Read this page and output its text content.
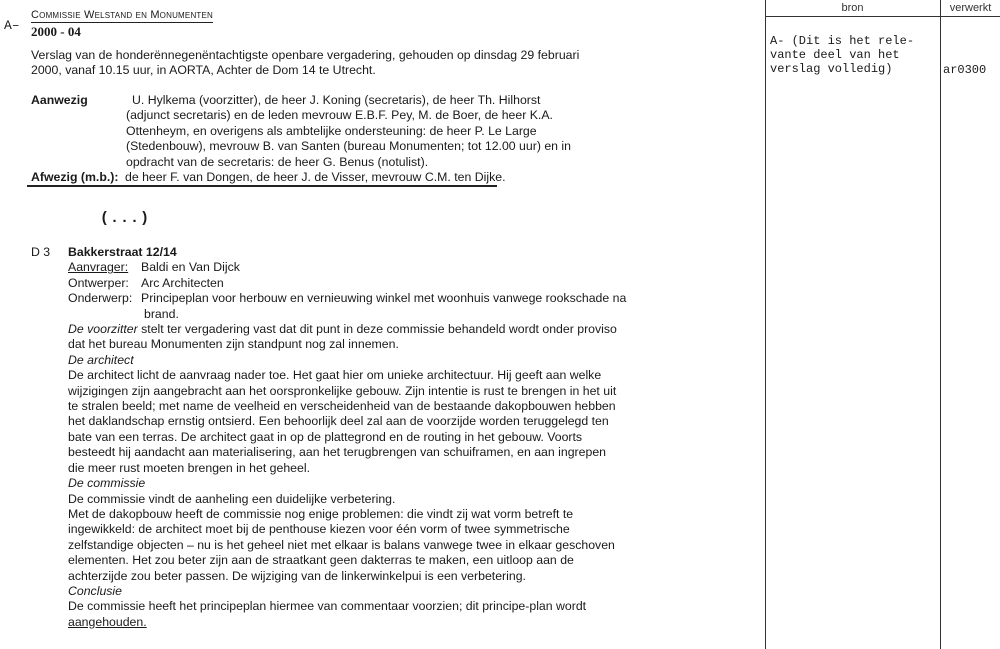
A–
Commissie Welstand en Monumenten
2000 - 04
Verslag van de honderënnegenëntachtigste openbare vergadering, gehouden op dinsdag 29 februari
2000, vanaf 10.15 uur, in AORTA, Achter de Dom 14 te Utrecht.
Aanwezig	U. Hylkema (voorzitter), de heer J. Koning (secretaris), de heer Th. Hilhorst
(adjunct secretaris) en de leden mevrouw E.B.F. Pey, M. de Boer, de heer K.A.
Ottenheym, en overigens als ambtelijke ondersteuning: de heer P. Le Large
(Stedenbouw), mevrouw B. van Santen (bureau Monumenten; tot 12.00 uur) en in
opdracht van de secretaris: de heer G. Benus (notulist).
Afwezig (m.b.): de heer F. van Dongen, de heer J. de Visser, mevrouw C.M. ten Dijke.
(...)
D 3 Bakkerstraat 12/14
Aanvrager: Baldi en Van Dijck
Ontwerper: Arc Architecten
Onderwerp: Principeplan voor herbouw en vernieuwing winkel met woonhuis vanwege rookschade na
brand.
De voorzitter stelt ter vergadering vast dat dit punt in deze commissie behandeld wordt onder proviso
dat het bureau Monumenten zijn standpunt nog zal innemen.
De architect
De architect licht de aanvraag nader toe. Het gaat hier om unieke architectuur. Hij geeft aan welke
wijzigingen zijn aangebracht aan het oorspronkelijke gebouw. Zijn intentie is rust te brengen in het uit
te stralen beeld; met name de veelheid en verscheidenheid van de bestaande dakopbouwen hebben
het daklandschap ernstig ontsierd. Een behoorlijk deel zal aan de voorzijde worden teruggelegd ten
bate van een terras. De architect gaat in op de plattegrond en de routing in het gebouw. Voorts
besteedt hij aandacht aan materialisering, aan het terugbrengen van schuiframen, en aan ingrepen
die meer rust moeten brengen in het geheel.
De commissie
De commissie vindt de aanheling een duidelijke verbetering.
Met de dakopbouw heeft de commissie nog enige problemen: die vindt zij wat vorm betreft te
ingewikkeld: de architect moet bij de penthouse kiezen voor één vorm of twee symmetrische
zelfstandige objecten – nu is het geheel niet met elkaar is balans vanwege twee in elkaar geschoven
elementen. Het zou beter zijn aan de straatkant geen dakterras te maken, een uitloop aan de
achterzijde zou beter passen. De wijziging van de linkerwinkelpui is een verbetering.
Conclusie
De commissie heeft het principeplan hiermee van commentaar voorzien; dit principe-plan wordt
aangehouden.
bron	verwerkt
A- (Dit is het rele-
vante deel van het
verslag volledig)	ar0300
